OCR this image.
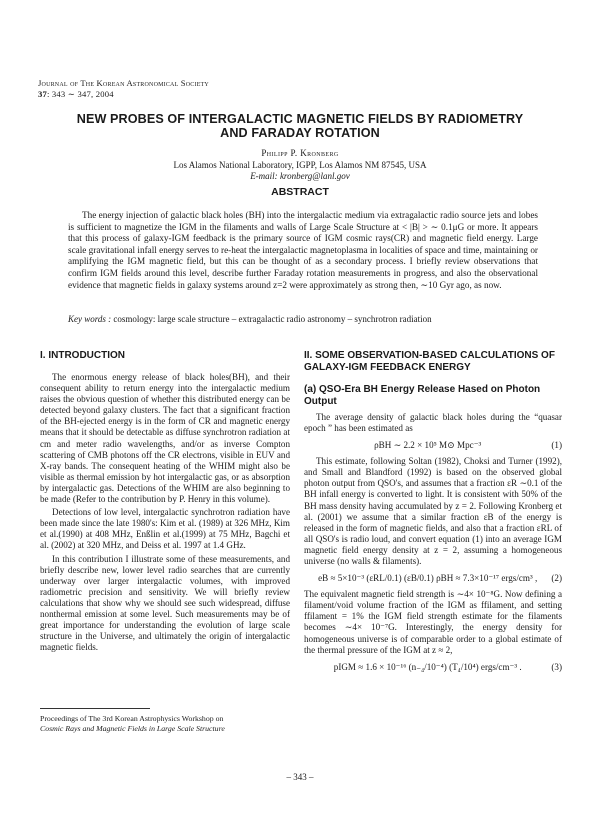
Journal of The Korean Astronomical Society
37: 343 ∼ 347, 2004
NEW PROBES OF INTERGALACTIC MAGNETIC FIELDS BY RADIOMETRY
AND FARADAY ROTATION
Philipp P. Kronberg
Los Alamos National Laboratory, IGPP, Los Alamos NM 87545, USA
E-mail: kronberg@lanl.gov
ABSTRACT
The energy injection of galactic black holes (BH) into the intergalactic medium via extragalactic radio source jets and lobes is sufficient to magnetize the IGM in the filaments and walls of Large Scale Structure at < |B| > ∼ 0.1μG or more. It appears that this process of galaxy-IGM feedback is the primary source of IGM cosmic rays(CR) and magnetic field energy. Large scale gravitational infall energy serves to re-heat the intergalactic magnetoplasma in localities of space and time, maintaining or amplifying the IGM magnetic field, but this can be thought of as a secondary process. I briefly review observations that confirm IGM fields around this level, describe further Faraday rotation measurements in progress, and also the observational evidence that magnetic fields in galaxy systems around z=2 were approximately as strong then, ∼10 Gyr ago, as now.
Key words : cosmology: large scale structure – extragalactic radio astronomy – synchrotron radiation
I. INTRODUCTION

The enormous energy release of black holes(BH), and their consequent ability to return energy into the intergalactic medium raises the obvious question of whether this distributed energy can be detected beyond galaxy clusters. The fact that a significant fraction of the BH-ejected energy is in the form of CR and magnetic energy means that it should be detectable as diffuse synchrotron radiation at cm and meter radio wavelengths, and/or as inverse Compton scattering of CMB photons off the CR electrons, visible in EUV and X-ray bands. The consequent heating of the WHIM might also be visible as thermal emission by hot intergalactic gas, or as absorption by intergalactic gas. Detections of the WHIM are also beginning to be made (Refer to the contribution by P. Henry in this volume).

Detections of low level, intergalactic synchrotron radiation have been made since the late 1980's: Kim et al. (1989) at 326 MHz, Kim et al.(1990) at 408 MHz, Enßlin et al.(1999) at 75 MHz, Bagchi et al. (2002) at 320 MHz, and Deiss et al. 1997 at 1.4 GHz.

In this contribution I illustrate some of these measurements, and briefly describe new, lower level radio searches that are currently underway over larger intergalactic volumes, with improved radiometric precision and sensitivity. We will briefly review calculations that show why we should see such widespread, diffuse nonthermal emission at some level. Such measurements may be of great importance for understanding the evolution of large scale structure in the Universe, and ultimately the origin of intergalactic magnetic fields.

Proceedings of The 3rd Korean Astrophysics Workshop on
Cosmic Rays and Magnetic Fields in Large Scale Structure
II. SOME OBSERVATION-BASED CALCULATIONS OF GALAXY-IGM FEEDBACK ENERGY
(a) QSO-Era BH Energy Release Hased on Photon Output

The average density of galactic black holes during the “quasar epoch ” has been estimated as

ρBH ∼ 2.2 × 10⁵ M⊙ Mpc⁻³	(1)

This estimate, following Soltan (1982), Choksi and Turner (1992), and Small and Blandford (1992) is based on the observed global photon output from QSO's, and assumes that a fraction εR ∼0.1 of the BH infall energy is converted to light. It is consistent with 50% of the BH mass density having accumulated by z = 2. Following Kronberg et al. (2001) we assume that a similar fraction εB of the energy is released in the form of magnetic fields, and also that a fraction εRL of all QSO's is radio loud, and convert equation (1) into an average IGM magnetic field energy density at z = 2, assuming a homogeneous universe (no walls & filaments).

eB ≈ 5×10⁻³ (εRL/0.1) (εB/0.1) ρBH ≈ 7.3×10⁻¹⁷ ergs/cm³ ,	(2)

The equivalent magnetic field strength is ∼4× 10⁻⁸G. Now defining a filament/void volume fraction of the IGM as ffilament, and setting ffilament = 1% the IGM field strength estimate for the filaments becomes ∼4× 10⁻⁷G. Interestingly, the energy density for homogeneous universe is of comparable order to a global estimate of the thermal pressure of the IGM at z ≈ 2,

pIGM ≈ 1.6 × 10⁻¹⁶ (n₋₄/10⁻⁴) (T₄/10⁴) ergs/cm⁻³ .	(3)
– 343 –
